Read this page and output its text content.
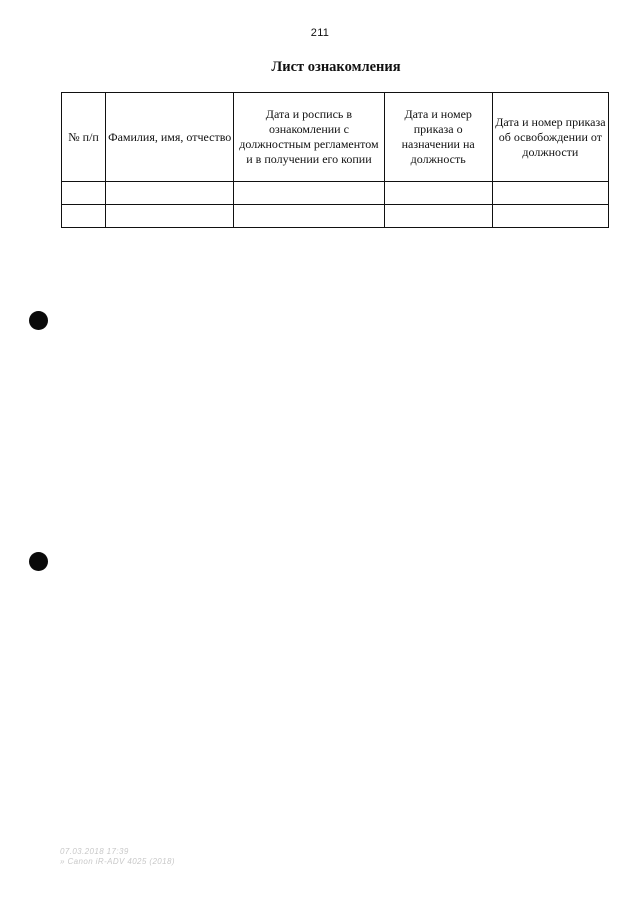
211
Лист ознакомления
№ п/п	Фамилия, имя, отчество	Дата и роспись в ознакомлении с должностным регламентом и в получении его копии	Дата и номер приказа о назначении на должность	Дата и номер приказа об освобождении от должности

07.03.2018 17:39
» Canon iR-ADV 4025 (2018)
